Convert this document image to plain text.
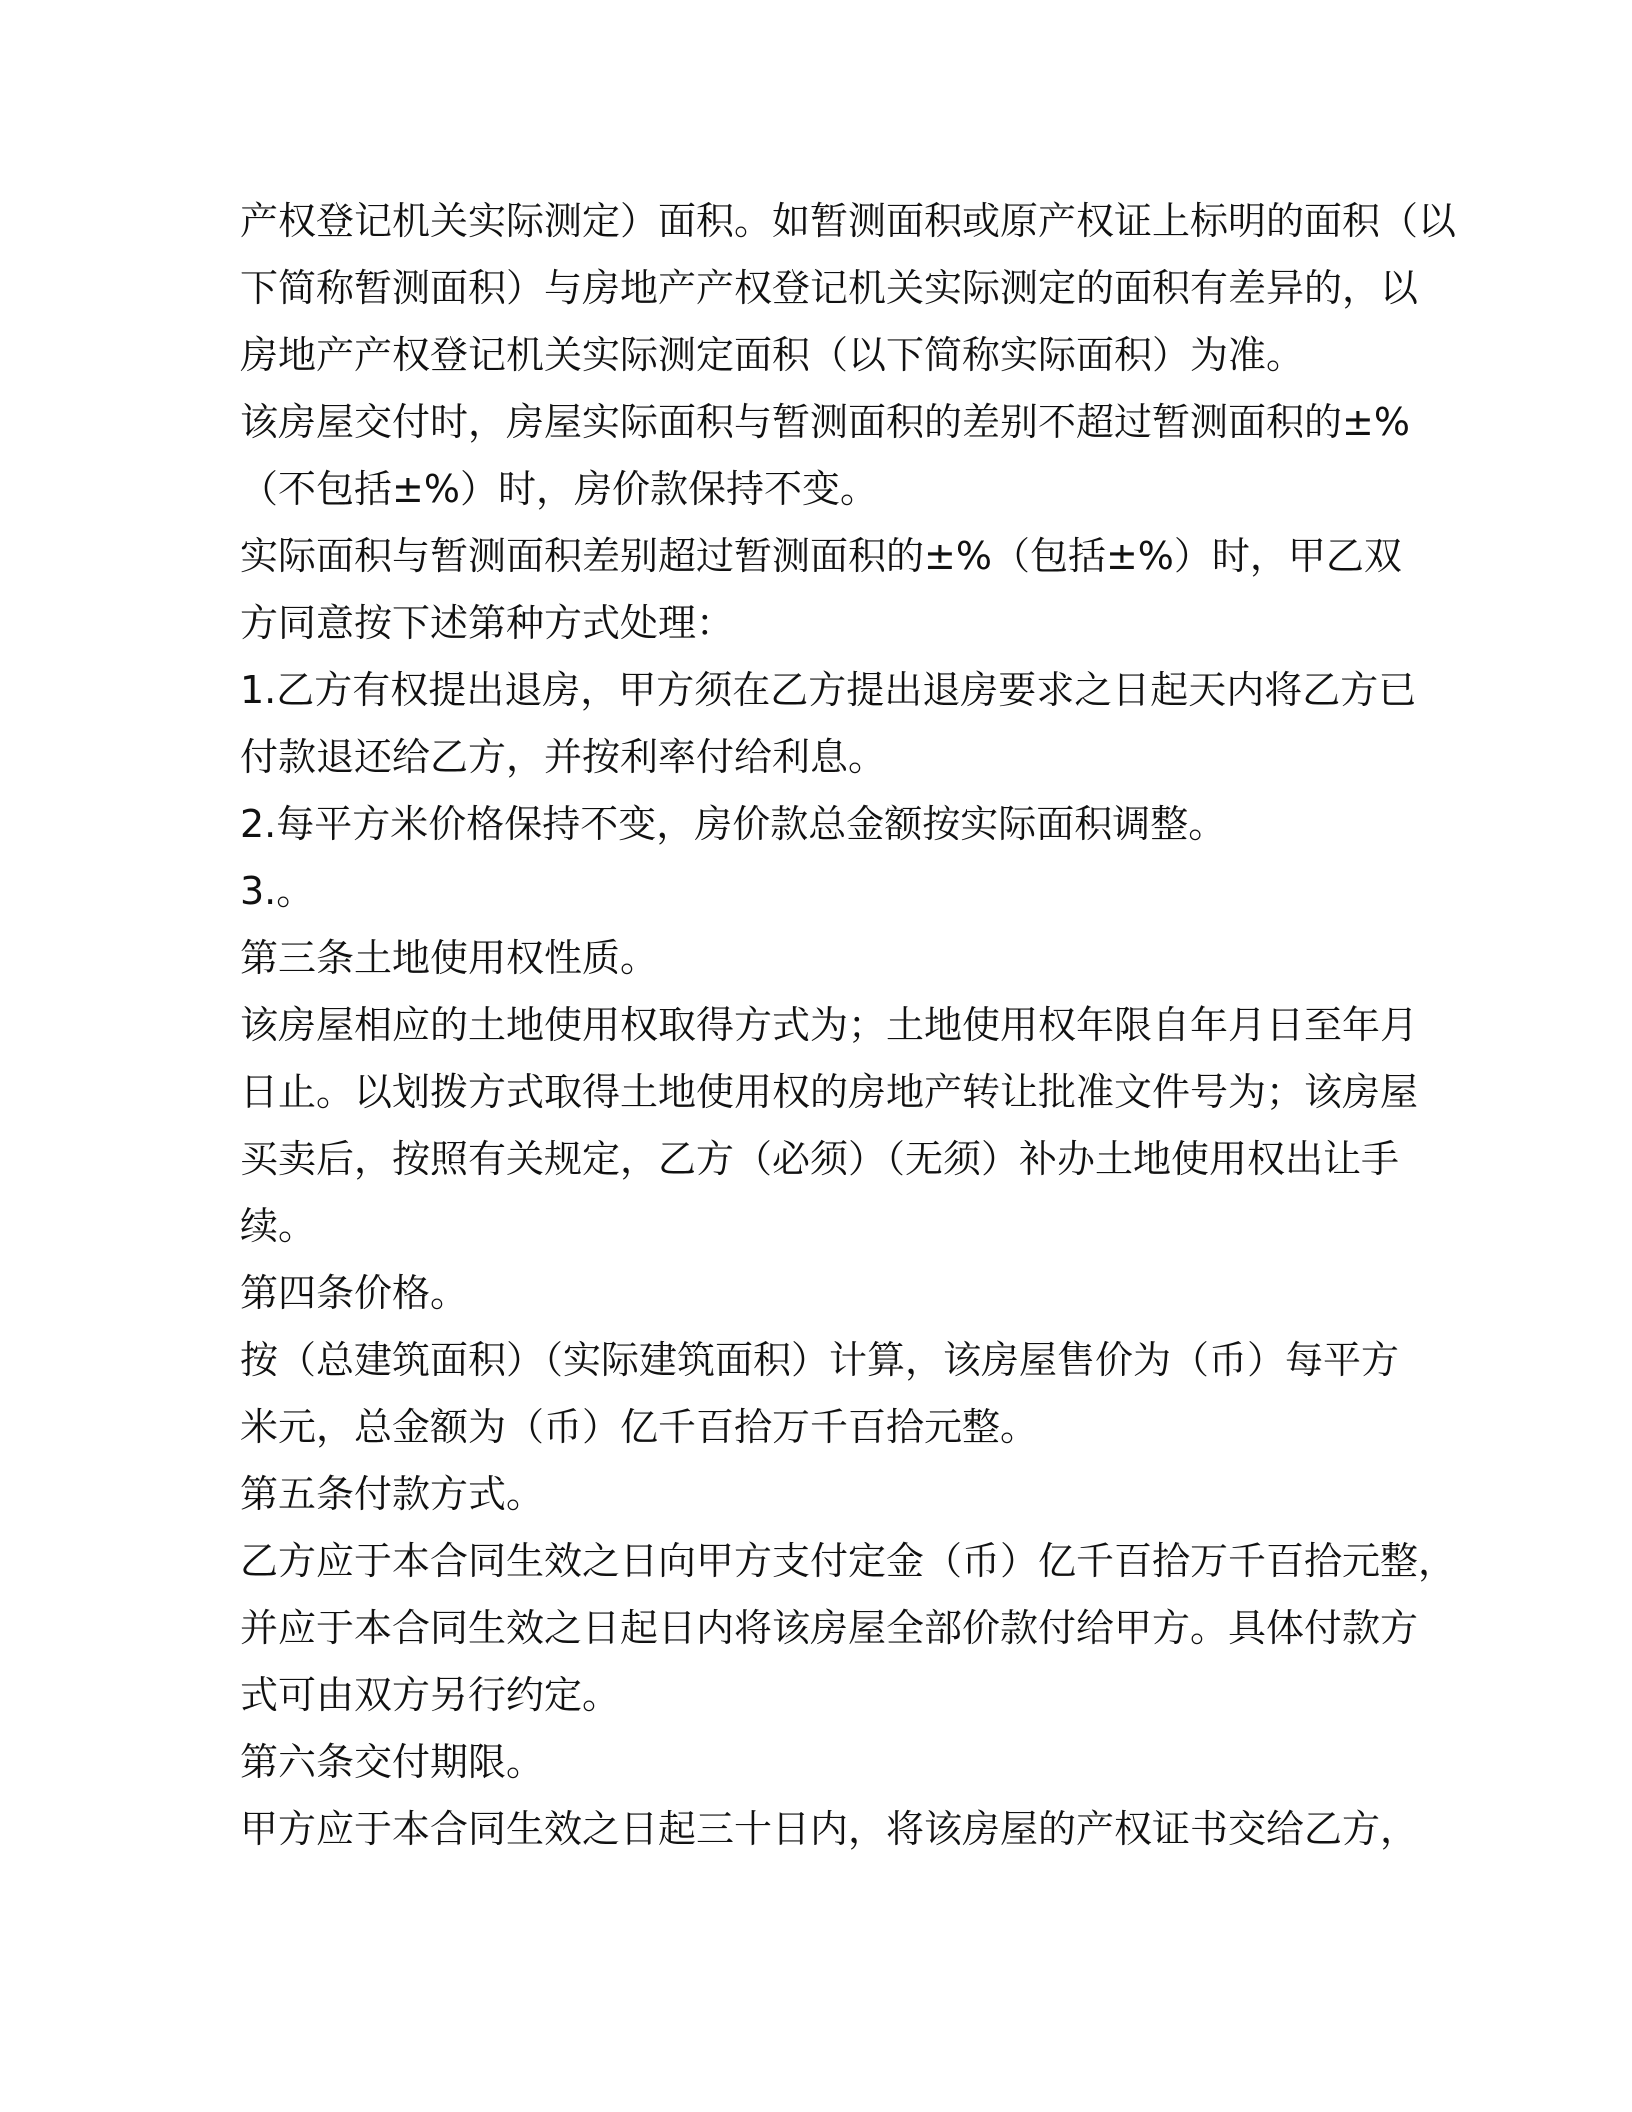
产权登记机关实际测定）面积。如暂测面积或原产权证上标明的面积（以
下简称暂测面积）与房地产产权登记机关实际测定的面积有差异的，以
房地产产权登记机关实际测定面积（以下简称实际面积）为准。
该房屋交付时，房屋实际面积与暂测面积的差别不超过暂测面积的±%
（不包括±%）时，房价款保持不变。
实际面积与暂测面积差别超过暂测面积的±%（包括±%）时，甲乙双
方同意按下述第种方式处理：
1.乙方有权提出退房，甲方须在乙方提出退房要求之日起天内将乙方已
付款退还给乙方，并按利率付给利息。
2.每平方米价格保持不变，房价款总金额按实际面积调整。
3.。
第三条土地使用权性质。
该房屋相应的土地使用权取得方式为；土地使用权年限自年月日至年月
日止。以划拨方式取得土地使用权的房地产转让批准文件号为；该房屋
买卖后，按照有关规定，乙方（必须）（无须）补办土地使用权出让手
续。
第四条价格。
按（总建筑面积）（实际建筑面积）计算，该房屋售价为（币）每平方
米元，总金额为（币）亿千百拾万千百拾元整。
第五条付款方式。
乙方应于本合同生效之日向甲方支付定金（币）亿千百拾万千百拾元整，
并应于本合同生效之日起日内将该房屋全部价款付给甲方。具体付款方
式可由双方另行约定。
第六条交付期限。
甲方应于本合同生效之日起三十日内，将该房屋的产权证书交给乙方，
